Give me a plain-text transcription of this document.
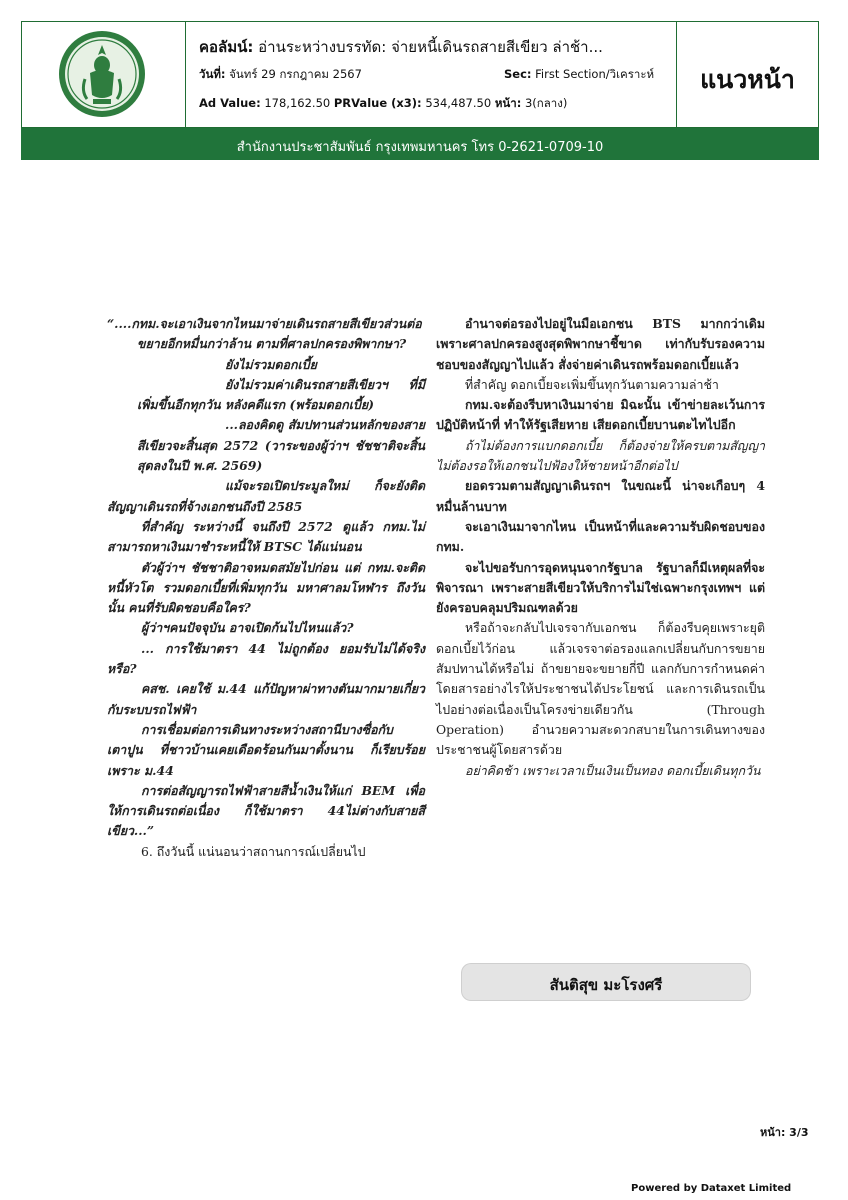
คอลัมน์: อ่านระหว่างบรรทัด: จ่ายหนี้เดินรถสายสีเขียว ล่าช้า...
วันที่: จันทร์ 29 กรกฎาคม 2567	Sec: First Section/วิเคราะห์
Ad Value: 178,162.50 PRValue (x3): 534,487.50 หน้า: 3(กลาง)
แนวหน้า
สำนักงานประชาสัมพันธ์ กรุงเทพมหานคร โทร 0-2621-0709-10

“....กทม.จะเอาเงินจากไหนมาจ่ายเดินรถสายสีเขียวส่วนต่อขยายอีกหมื่นกว่าล้าน ตามที่ศาลปกครองพิพากษา?

ยังไม่รวมดอกเบี้ย

ยังไม่รวมค่าเดินรถสายสีเขียวฯ ที่มีเพิ่มขึ้นอีกทุกวัน หลังคดีแรก (พร้อมดอกเบี้ย)

...ลองคิดดู สัมปทานส่วนหลักของสายสีเขียวจะสิ้นสุด 2572 (วาระของผู้ว่าฯ ชัชชาติจะสิ้นสุดลงในปี พ.ศ. 2569)

แม้จะรอเปิดประมูลใหม่ ก็จะยังติดสัญญาเดินรถที่จ้างเอกชนถึงปี 2585

ที่สำคัญ ระหว่างนี้ จนถึงปี 2572 ดูแล้ว กทม.ไม่สามารถหาเงินมาชำระหนี้ให้ BTSC ได้แน่นอน

ตัวผู้ว่าฯ ชัชชาติอาจหมดสมัยไปก่อน แต่ กทม.จะติดหนี้หัวโต รวมดอกเบี้ยที่เพิ่มทุกวัน มหาศาลมโหฬาร ถึงวันนั้น คนที่รับผิดชอบคือใคร?

ผู้ว่าฯคนปัจจุบัน อาจเปิดก้นไปไหนแล้ว?

... การใช้มาตรา 44 ไม่ถูกต้อง ยอมรับไม่ได้จริงหรือ?

คสช. เคยใช้ ม.44 แก้ปัญหาผ่าทางตันมากมายเกี่ยวกับระบบรถไฟฟ้า

การเชื่อมต่อการเดินทางระหว่างสถานีบางซื่อกับเตาปูน ที่ชาวบ้านเคยเดือดร้อนกันมาตั้งนาน ก็เรียบร้อยเพราะ ม.44

การต่อสัญญารถไฟฟ้าสายสีน้ำเงินให้แก่ BEM เพื่อให้การเดินรถต่อเนื่อง ก็ใช้มาตรา 44ไม่ต่างกับสายสีเขียว...”

6. ถึงวันนี้ แน่นอนว่าสถานการณ์เปลี่ยนไป

อำนาจต่อรองไปอยู่ในมือเอกชน BTS มากกว่าเดิม เพราะศาลปกครองสูงสุดพิพากษาชี้ขาด เท่ากับรับรองความชอบของสัญญาไปแล้ว สั่งจ่ายค่าเดินรถพร้อมดอกเบี้ยแล้ว

ที่สำคัญ ดอกเบี้ยจะเพิ่มขึ้นทุกวันตามความล่าช้า

กทม.จะต้องรีบหาเงินมาจ่าย มิฉะนั้น เข้าข่ายละเว้นการปฏิบัติหน้าที่ ทำให้รัฐเสียหาย เสียดอกเบี้ยบานตะไทไปอีก

ถ้าไม่ต้องการแบกดอกเบี้ย ก็ต้องจ่ายให้ครบตามสัญญา ไม่ต้องรอให้เอกชนไปฟ้องให้ชายหน้าอีกต่อไป

ยอดรวมตามสัญญาเดินรถฯ ในขณะนี้ น่าจะเกือบๆ 4 หมื่นล้านบาท

จะเอาเงินมาจากไหน เป็นหน้าที่และความรับผิดชอบของ กทม.

จะไปขอรับการอุดหนุนจากรัฐบาล รัฐบาลก็มีเหตุผลที่จะพิจารณา เพราะสายสีเขียวให้บริการไม่ใช่เฉพาะกรุงเทพฯ แต่ยังครอบคลุมปริมณฑลด้วย

หรือถ้าจะกลับไปเจรจากับเอกชน ก็ต้องรีบคุยเพราะยุติดอกเบี้ยไว้ก่อน แล้วเจรจาต่อรองแลกเปลี่ยนกับการขยายสัมปทานได้หรือไม่ ถ้าขยายจะขยายกี่ปี แลกกับการกำหนดค่าโดยสารอย่างไรให้ประชาชนได้ประโยชน์ และการเดินรถเป็นไปอย่างต่อเนื่องเป็นโครงข่ายเดียวกัน (Through Operation) อำนวยความสะดวกสบายในการเดินทางของประชาชนผู้โดยสารด้วย

อย่าคิดช้า เพราะเวลาเป็นเงินเป็นทอง ดอกเบี้ยเดินทุกวัน

สันติสุข มะโรงศรี
หน้า: 3/3
Powered by Dataxet Limited
